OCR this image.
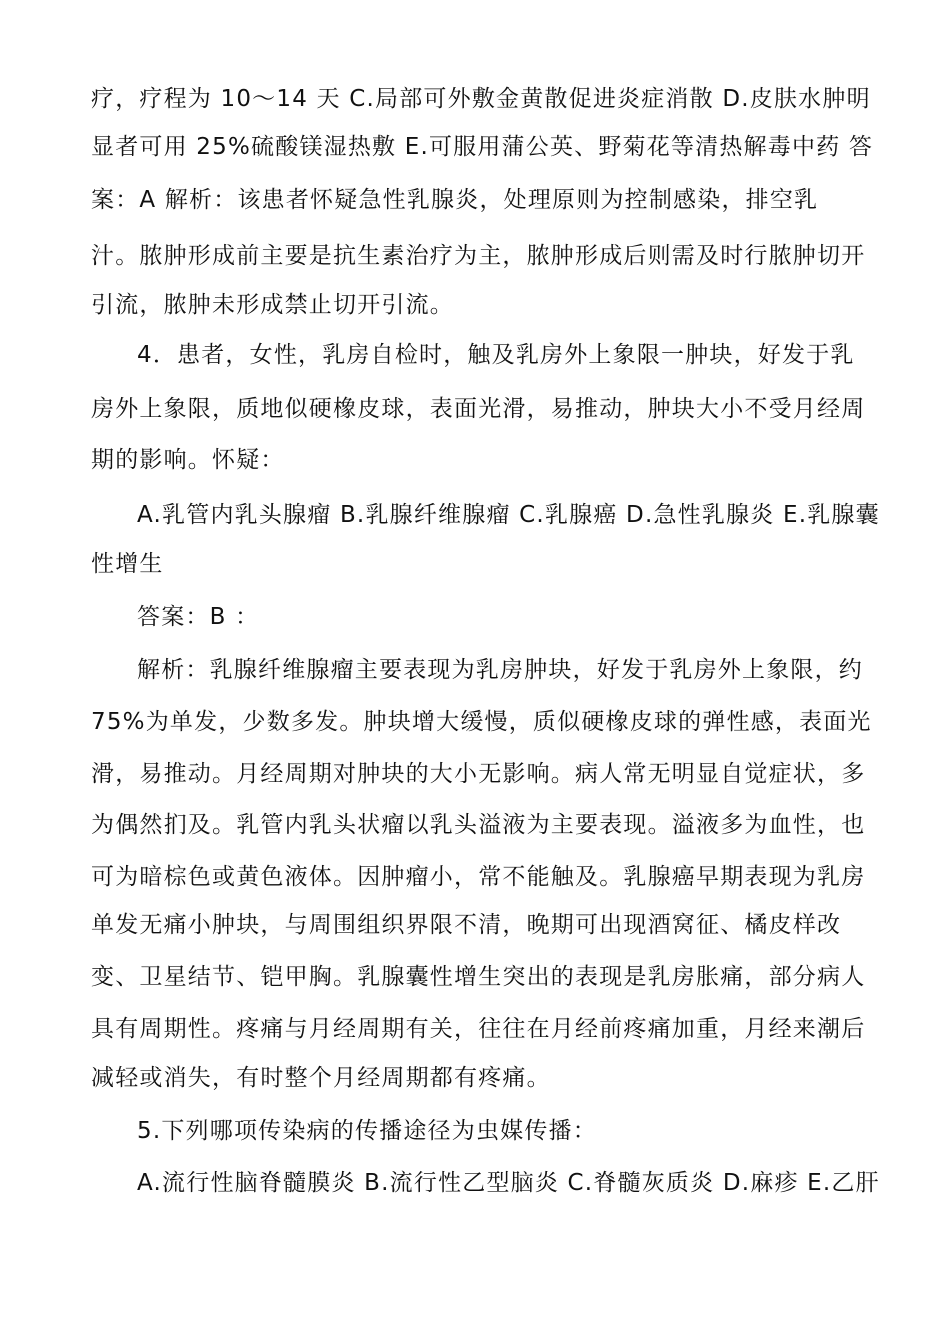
疗，疗程为 10～14 天 C.局部可外敷金黄散促进炎症消散 D.皮肤水肿明
显者可用 25%硫酸镁湿热敷 E.可服用蒲公英、野菊花等清热解毒中药 答
案：A 解析：该患者怀疑急性乳腺炎，处理原则为控制感染，排空乳
汁。脓肿形成前主要是抗生素治疗为主，脓肿形成后则需及时行脓肿切开
引流，脓肿未形成禁止切开引流。
4．患者，女性，乳房自检时，触及乳房外上象限一肿块，好发于乳
房外上象限，质地似硬橡皮球，表面光滑，易推动，肿块大小不受月经周
期的影响。怀疑：
A.乳管内乳头腺瘤 B.乳腺纤维腺瘤 C.乳腺癌 D.急性乳腺炎 E.乳腺囊
性增生
答案：B ：
解析：乳腺纤维腺瘤主要表现为乳房肿块，好发于乳房外上象限，约
75%为单发，少数多发。肿块增大缓慢，质似硬橡皮球的弹性感，表面光
滑，易推动。月经周期对肿块的大小无影响。病人常无明显自觉症状，多
为偶然扪及。乳管内乳头状瘤以乳头溢液为主要表现。溢液多为血性，也
可为暗棕色或黄色液体。因肿瘤小，常不能触及。乳腺癌早期表现为乳房
单发无痛小肿块，与周围组织界限不清，晚期可出现酒窝征、橘皮样改
变、卫星结节、铠甲胸。乳腺囊性增生突出的表现是乳房胀痛，部分病人
具有周期性。疼痛与月经周期有关，往往在月经前疼痛加重，月经来潮后
减轻或消失，有时整个月经周期都有疼痛。
5.下列哪项传染病的传播途径为虫媒传播：
A.流行性脑脊髓膜炎 B.流行性乙型脑炎 C.脊髓灰质炎 D.麻疹 E.乙肝
